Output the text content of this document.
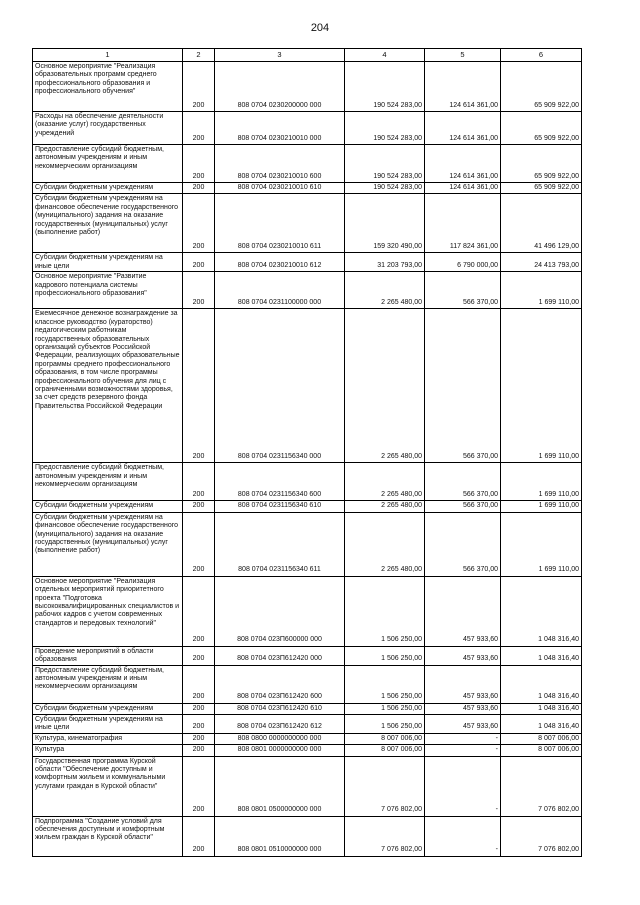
204
1	2	3	4	5	6
Основное мероприятие "Реализация образовательных программ среднего профессионального образования и профессионального обучения"	200	808 0704 0230200000 000	190 524 283,00	124 614 361,00	65 909 922,00
Расходы на обеспечение деятельности (оказание услуг) государственных учреждений	200	808 0704 0230210010 000	190 524 283,00	124 614 361,00	65 909 922,00
Предоставление субсидий бюджетным, автономным учреждениям и иным некоммерческим организациям	200	808 0704 0230210010 600	190 524 283,00	124 614 361,00	65 909 922,00
Субсидии бюджетным учреждениям	200	808 0704 0230210010 610	190 524 283,00	124 614 361,00	65 909 922,00
Субсидии бюджетным учреждениям на финансовое обеспечение государственного (муниципального) задания на оказание государственных (муниципальных) услуг (выполнение работ)	200	808 0704 0230210010 611	159 320 490,00	117 824 361,00	41 496 129,00
Субсидии бюджетным учреждениям на иные цели	200	808 0704 0230210010 612	31 203 793,00	6 790 000,00	24 413 793,00
Основное мероприятие "Развитие кадрового потенциала системы профессионального образования"	200	808 0704 0231100000 000	2 265 480,00	566 370,00	1 699 110,00
Ежемесячное денежное вознаграждение за классное руководство (кураторство) педагогическим работникам государственных образовательных организаций субъектов Российской Федерации, реализующих образовательные программы среднего профессионального образования, в том числе программы профессионального обучения для лиц с ограниченными возможностями здоровья, за счет средств резервного фонда Правительства Российской Федерации	200	808 0704 0231156340 000	2 265 480,00	566 370,00	1 699 110,00
Предоставление субсидий бюджетным, автономным учреждениям и иным некоммерческим организациям	200	808 0704 0231156340 600	2 265 480,00	566 370,00	1 699 110,00
Субсидии бюджетным учреждениям	200	808 0704 0231156340 610	2 265 480,00	566 370,00	1 699 110,00
Субсидии бюджетным учреждениям на финансовое обеспечение государственного (муниципального) задания на оказание государственных (муниципальных) услуг (выполнение работ)	200	808 0704 0231156340 611	2 265 480,00	566 370,00	1 699 110,00
Основное мероприятие "Реализация отдельных мероприятий приоритетного проекта "Подготовка высококвалифицированных специалистов и рабочих кадров с учетом современных стандартов и передовых технологий"	200	808 0704 023П600000 000	1 506 250,00	457 933,60	1 048 316,40
Проведение мероприятий в области образования	200	808 0704 023П612420 000	1 506 250,00	457 933,60	1 048 316,40
Предоставление субсидий бюджетным, автономным учреждениям и иным некоммерческим организациям	200	808 0704 023П612420 600	1 506 250,00	457 933,60	1 048 316,40
Субсидии бюджетным учреждениям	200	808 0704 023П612420 610	1 506 250,00	457 933,60	1 048 316,40
Субсидии бюджетным учреждениям на иные цели	200	808 0704 023П612420 612	1 506 250,00	457 933,60	1 048 316,40
Культура, кинематография	200	808 0800 0000000000 000	8 007 006,00	-	8 007 006,00
Культура	200	808 0801 0000000000 000	8 007 006,00	-	8 007 006,00
Государственная программа Курской области "Обеспечение доступным и комфортным жильем и коммунальными услугами граждан в Курской области"	200	808 0801 0500000000 000	7 076 802,00	-	7 076 802,00
Подпрограмма "Создание условий для обеспечения доступным и комфортным жильем граждан в Курской области"	200	808 0801 0510000000 000	7 076 802,00	-	7 076 802,00
